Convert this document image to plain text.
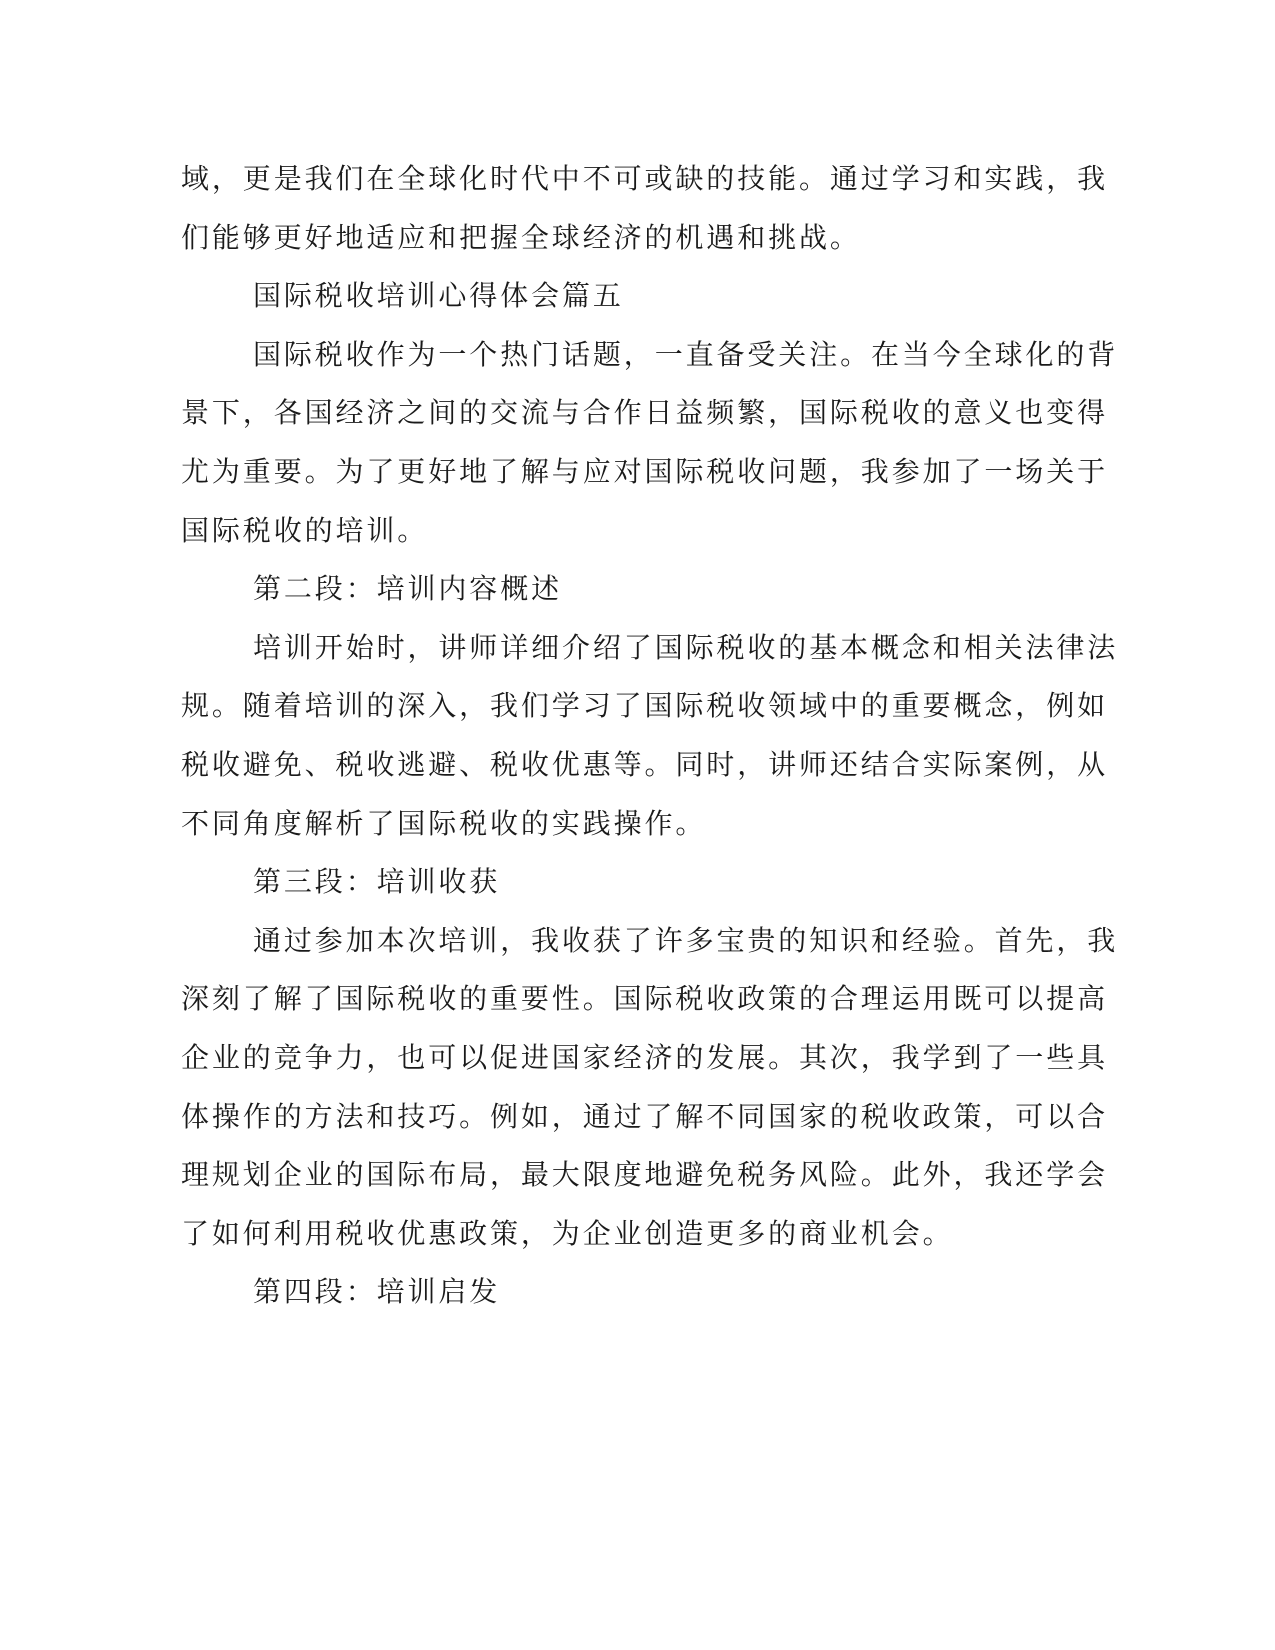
域，更是我们在全球化时代中不可或缺的技能。通过学习和实践，我
们能够更好地适应和把握全球经济的机遇和挑战。
国际税收培训心得体会篇五
国际税收作为一个热门话题，一直备受关注。在当今全球化的背
景下，各国经济之间的交流与合作日益频繁，国际税收的意义也变得
尤为重要。为了更好地了解与应对国际税收问题，我参加了一场关于
国际税收的培训。
第二段：培训内容概述
培训开始时，讲师详细介绍了国际税收的基本概念和相关法律法
规。随着培训的深入，我们学习了国际税收领域中的重要概念，例如
税收避免、税收逃避、税收优惠等。同时，讲师还结合实际案例，从
不同角度解析了国际税收的实践操作。
第三段：培训收获
通过参加本次培训，我收获了许多宝贵的知识和经验。首先，我
深刻了解了国际税收的重要性。国际税收政策的合理运用既可以提高
企业的竞争力，也可以促进国家经济的发展。其次，我学到了一些具
体操作的方法和技巧。例如，通过了解不同国家的税收政策，可以合
理规划企业的国际布局，最大限度地避免税务风险。此外，我还学会
了如何利用税收优惠政策，为企业创造更多的商业机会。
第四段：培训启发
